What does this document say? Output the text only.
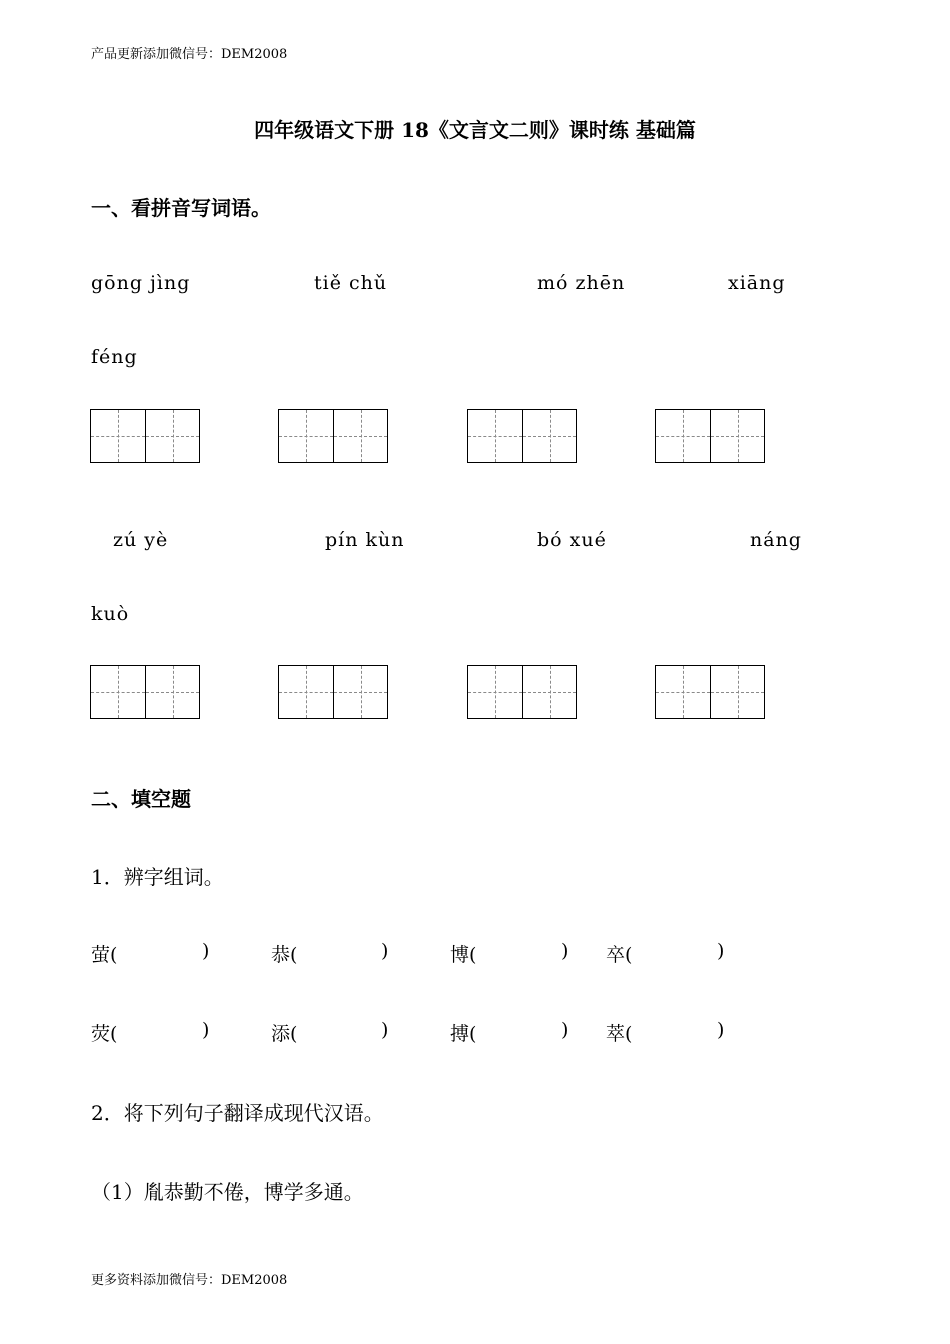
产品更新添加微信号：DEM2008
四年级语文下册 18《文言文二则》课时练 基础篇
一、看拼音写词语。
gōng jìng	tiě chǔ	mó zhēn	xiāng
féng
zú yè	pín kùn	bó xué	náng
kuò
二、填空题
1．辨字组词。
萤(	)	恭(	)	博(	) 卒(	)
荧(	)	添(	)	搏(	) 萃(	)
2．将下列句子翻译成现代汉语。
（1）胤恭勤不倦，博学多通。
更多资料添加微信号：DEM2008
